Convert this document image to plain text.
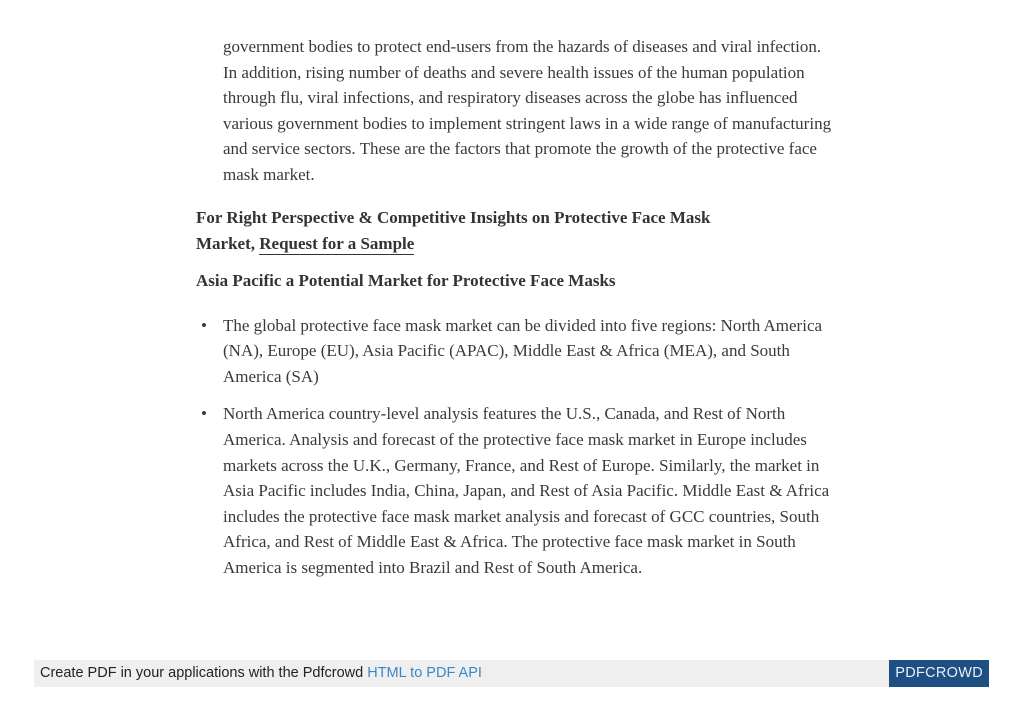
government bodies to protect end-users from the hazards of diseases and viral infection. In addition, rising number of deaths and severe health issues of the human population through flu, viral infections, and respiratory diseases across the globe has influenced various government bodies to implement stringent laws in a wide range of manufacturing and service sectors. These are the factors that promote the growth of the protective face mask market.

For Right Perspective & Competitive Insights on Protective Face Mask Market, Request for a Sample

Asia Pacific a Potential Market for Protective Face Masks
• The global protective face mask market can be divided into five regions: North America (NA), Europe (EU), Asia Pacific (APAC), Middle East & Africa (MEA), and South America (SA)
• North America country-level analysis features the U.S., Canada, and Rest of North America. Analysis and forecast of the protective face mask market in Europe includes markets across the U.K., Germany, France, and Rest of Europe. Similarly, the market in Asia Pacific includes India, China, Japan, and Rest of Asia Pacific. Middle East & Africa includes the protective face mask market analysis and forecast of GCC countries, South Africa, and Rest of Middle East & Africa. The protective face mask market in South America is segmented into Brazil and Rest of South America.
Create PDF in your applications with the Pdfcrowd HTML to PDF API	PDFCROWD
